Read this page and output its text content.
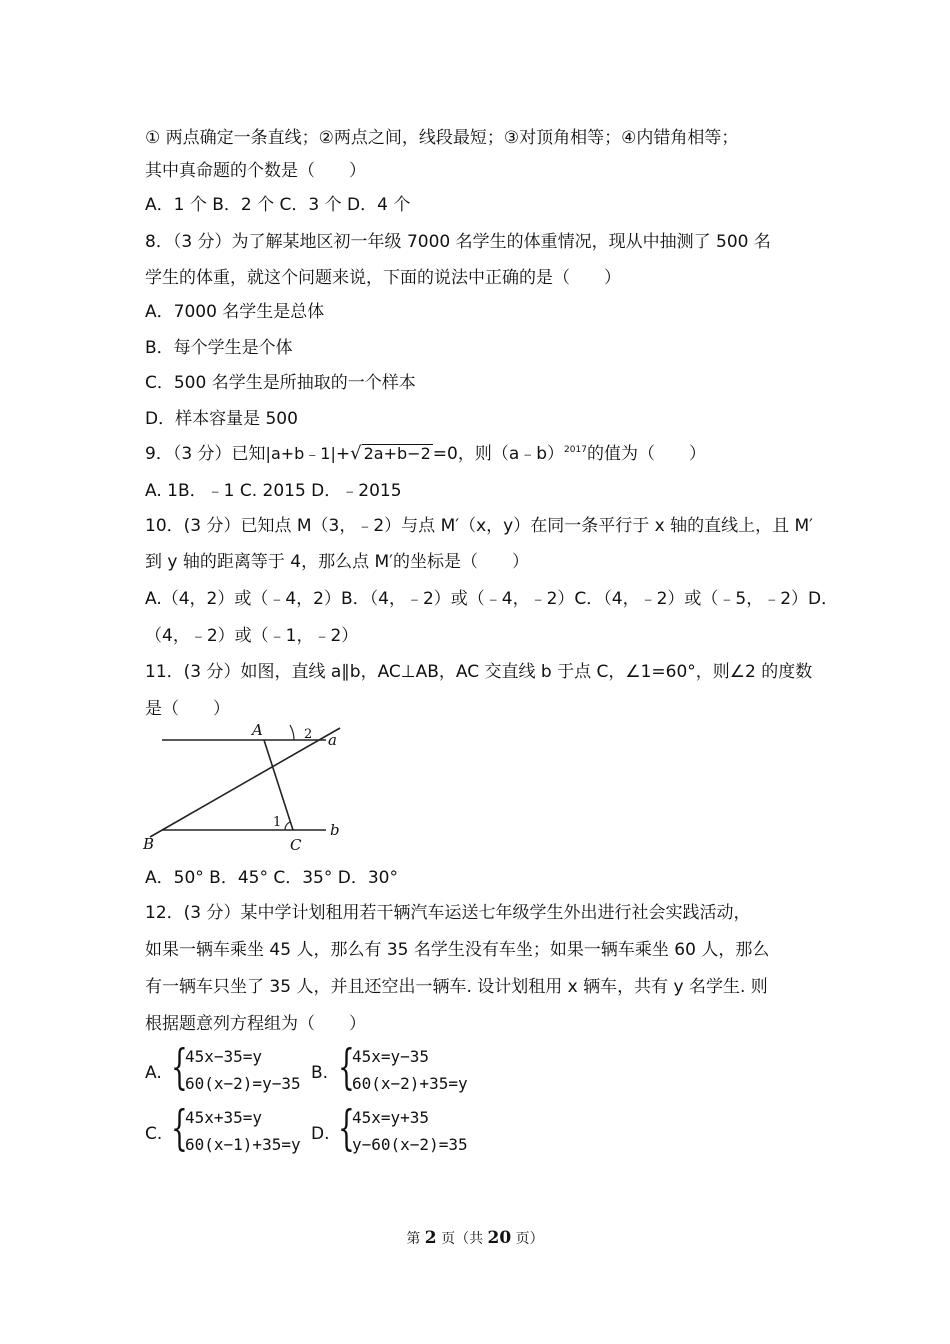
① 两点确定一条直线；②两点之间，线段最短；③对顶角相等；④内错角相等；
其中真命题的个数是（　　）
A．1 个 B．2 个 C．3 个 D．4 个
8．（3 分）为了解某地区初一年级 7000 名学生的体重情况，现从中抽测了 500 名
学生的体重，就这个问题来说，下面的说法中正确的是（　　）
A．7000 名学生是总体
B．每个学生是个体
C．500 名学生是所抽取的一个样本
D．样本容量是 500
9．（3 分）已知|a+b﹣1|+√ 2a+b−2 =0，则（a﹣b）$^{2017}$的值为（　　）
A. 1B．﹣1 C. 2015 D．﹣2015
10．(3 分）已知点 M（3，﹣2）与点 M′（x，y）在同一条平行于 x 轴的直线上，且 M′
到 y 轴的距离等于 4，那么点 M′的坐标是（　　）
A.（4，2）或（﹣4，2）B．（4，﹣2）或（﹣4，﹣2）C．（4，﹣2）或（﹣5，﹣2）D．
（4，﹣2）或（﹣1，﹣2）
11．(3 分）如图，直线 a∥b，AC⊥AB，AC 交直线 b 于点 C，∠1=60°，则∠2 的度数
是（　　）
A
B	C
a
b
1
2
A．50° B．45° C．35° D．30°
12．(3 分）某中学计划租用若干辆汽车运送七年级学生外出进行社会实践活动，
如果一辆车乘坐 45 人，那么有 35 名学生没有车坐；如果一辆车乘坐 60 人，那么
有一辆车只坐了 35 人，并且还空出一辆车. 设计划租用 x 辆车，共有 y 名学生. 则
根据题意列方程组为（　　）
A. {
45x−35=y
60(x−2)=y−35
B. {
45x=y−35
60(x−2)+35=y
C. {
45x+35=y
60(x−1)+35=y
D. {
45x=y+35
y−60(x−2)=35
第 2 页（共 20 页）
